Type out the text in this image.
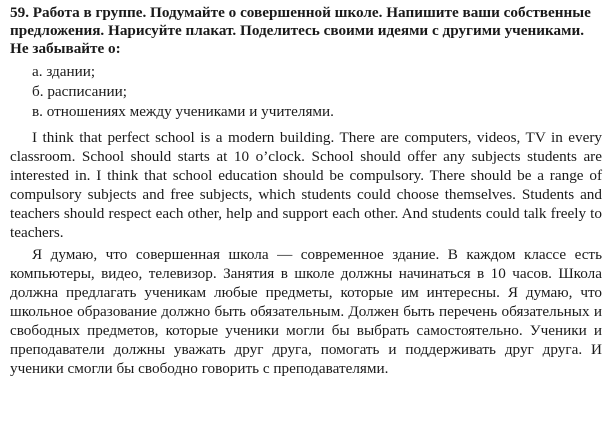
59. Работа в группе. Подумайте о совершенной школе. Напишите ваши собственные предложения. Нарисуйте плакат. Поделитесь своими идеями с другими учениками. Не забывайте о:

а. здании;
б. расписании;
в. отношениях между учениками и учителями.

I think that perfect school is a modern building. There are computers, videos, TV in every classroom. School should starts at 10 o’clock. School should offer any subjects students are interested in. I think that school education should be compulsory. There should be a range of compulsory subjects and free subjects, which students could choose themselves. Students and teachers should respect each other, help and support each other. And students could talk freely to teachers.

Я думаю, что совершенная школа — современное здание. В каждом классе есть компьютеры, видео, телевизор. Занятия в школе должны начинаться в 10 часов. Школа должна предлагать ученикам любые предметы, которые им интересны. Я думаю, что школьное образование должно быть обязательным. Должен быть перечень обязательных и свободных предметов, которые ученики могли бы выбрать самостоятельно. Ученики и преподаватели должны уважать друг друга, помогать и поддерживать друг друга. И ученики смогли бы свободно говорить с преподавателями.
